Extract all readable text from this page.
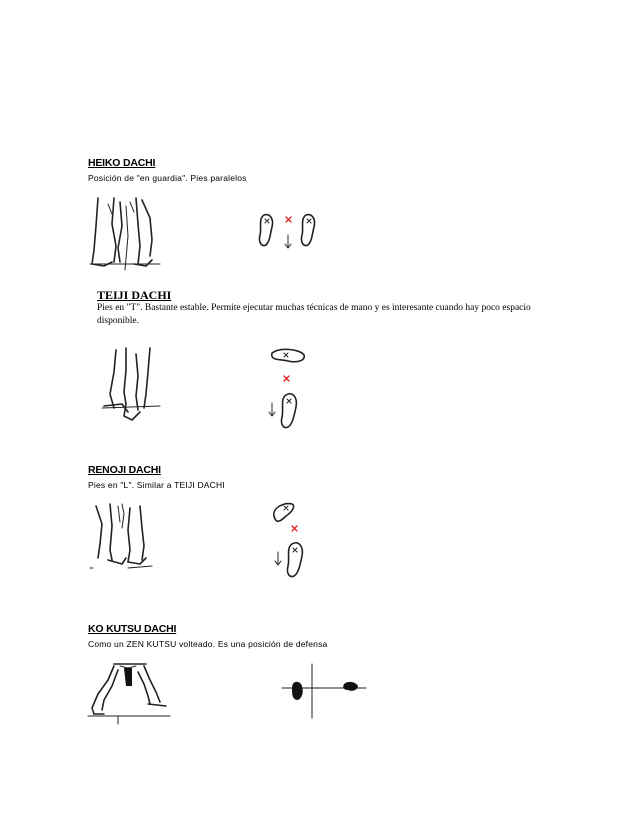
HEIKO DACHI
Posición de "en guardia". Pies paralelos
TEIJI DACHI
Pies en "T". Bastante estable. Permite ejecutar muchas técnicas de mano y es interesante cuando hay poco espacio disponible.
RENOJI DACHI
Pies en "L". Similar a TEIJI DACHI
KO KUTSU DACHI
Como un ZEN KUTSU volteado. Es una posición de defensa
